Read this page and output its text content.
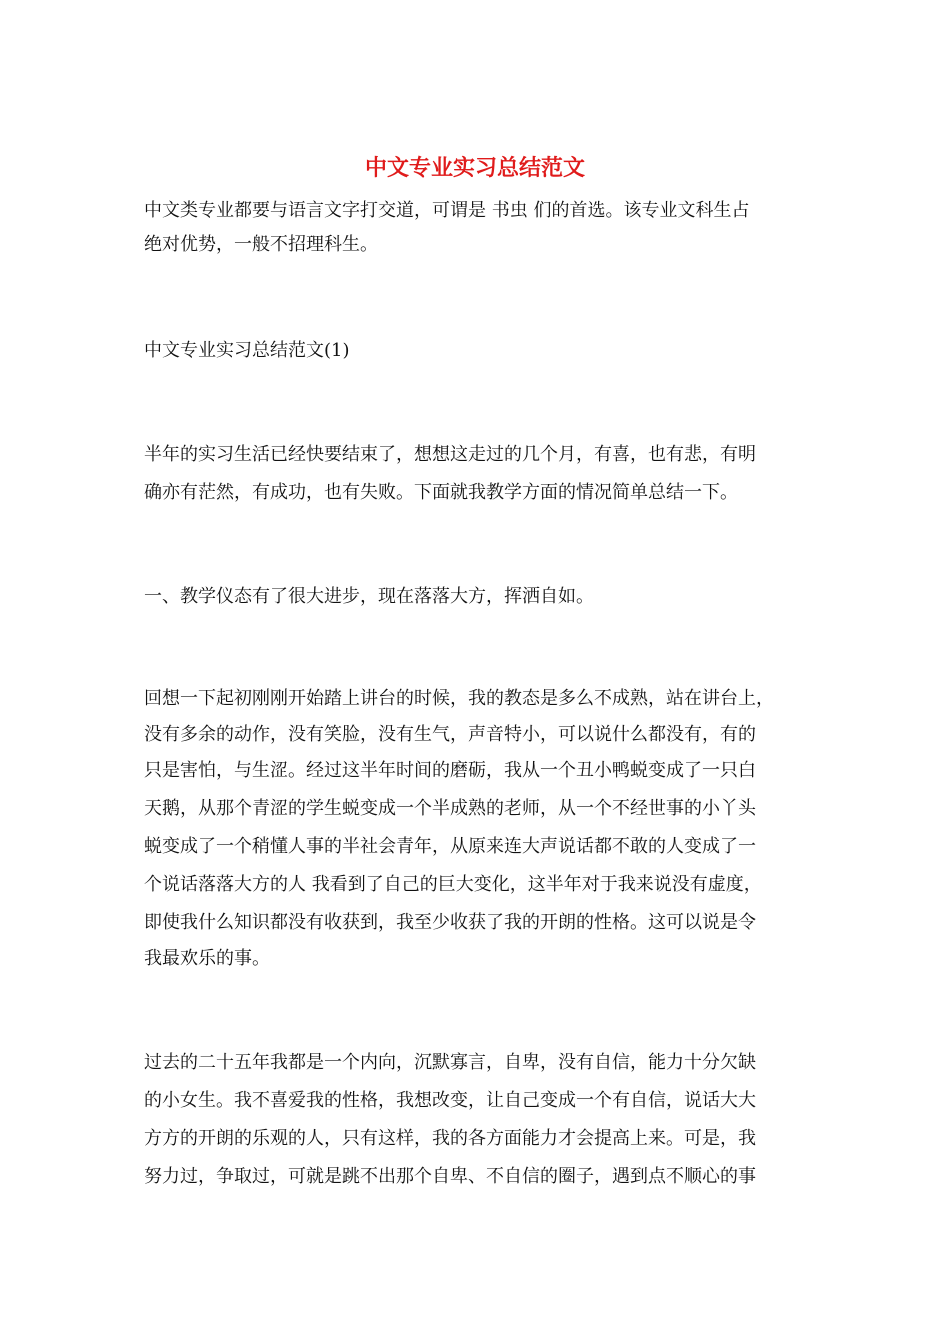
中文专业实习总结范文

中文类专业都要与语言文字打交道，可谓是 书虫 们的首选。该专业文科生占

绝对优势，一般不招理科生。

中文专业实习总结范文(1)

半年的实习生活已经快要结束了，想想这走过的几个月，有喜，也有悲，有明

确亦有茫然，有成功，也有失败。下面就我教学方面的情况简单总结一下。

一、教学仪态有了很大进步，现在落落大方，挥洒自如。

回想一下起初刚刚开始踏上讲台的时候，我的教态是多么不成熟，站在讲台上，

没有多余的动作，没有笑脸，没有生气，声音特小，可以说什么都没有，有的

只是害怕，与生涩。经过这半年时间的磨砺，我从一个丑小鸭蜕变成了一只白

天鹅，从那个青涩的学生蜕变成一个半成熟的老师，从一个不经世事的小丫头

蜕变成了一个稍懂人事的半社会青年，从原来连大声说话都不敢的人变成了一

个说话落落大方的人 我看到了自己的巨大变化，这半年对于我来说没有虚度，

即使我什么知识都没有收获到，我至少收获了我的开朗的性格。这可以说是令

我最欢乐的事。

过去的二十五年我都是一个内向，沉默寡言，自卑，没有自信，能力十分欠缺

的小女生。我不喜爱我的性格，我想改变，让自己变成一个有自信，说话大大

方方的开朗的乐观的人，只有这样，我的各方面能力才会提高上来。可是，我

努力过，争取过，可就是跳不出那个自卑、不自信的圈子，遇到点不顺心的事
